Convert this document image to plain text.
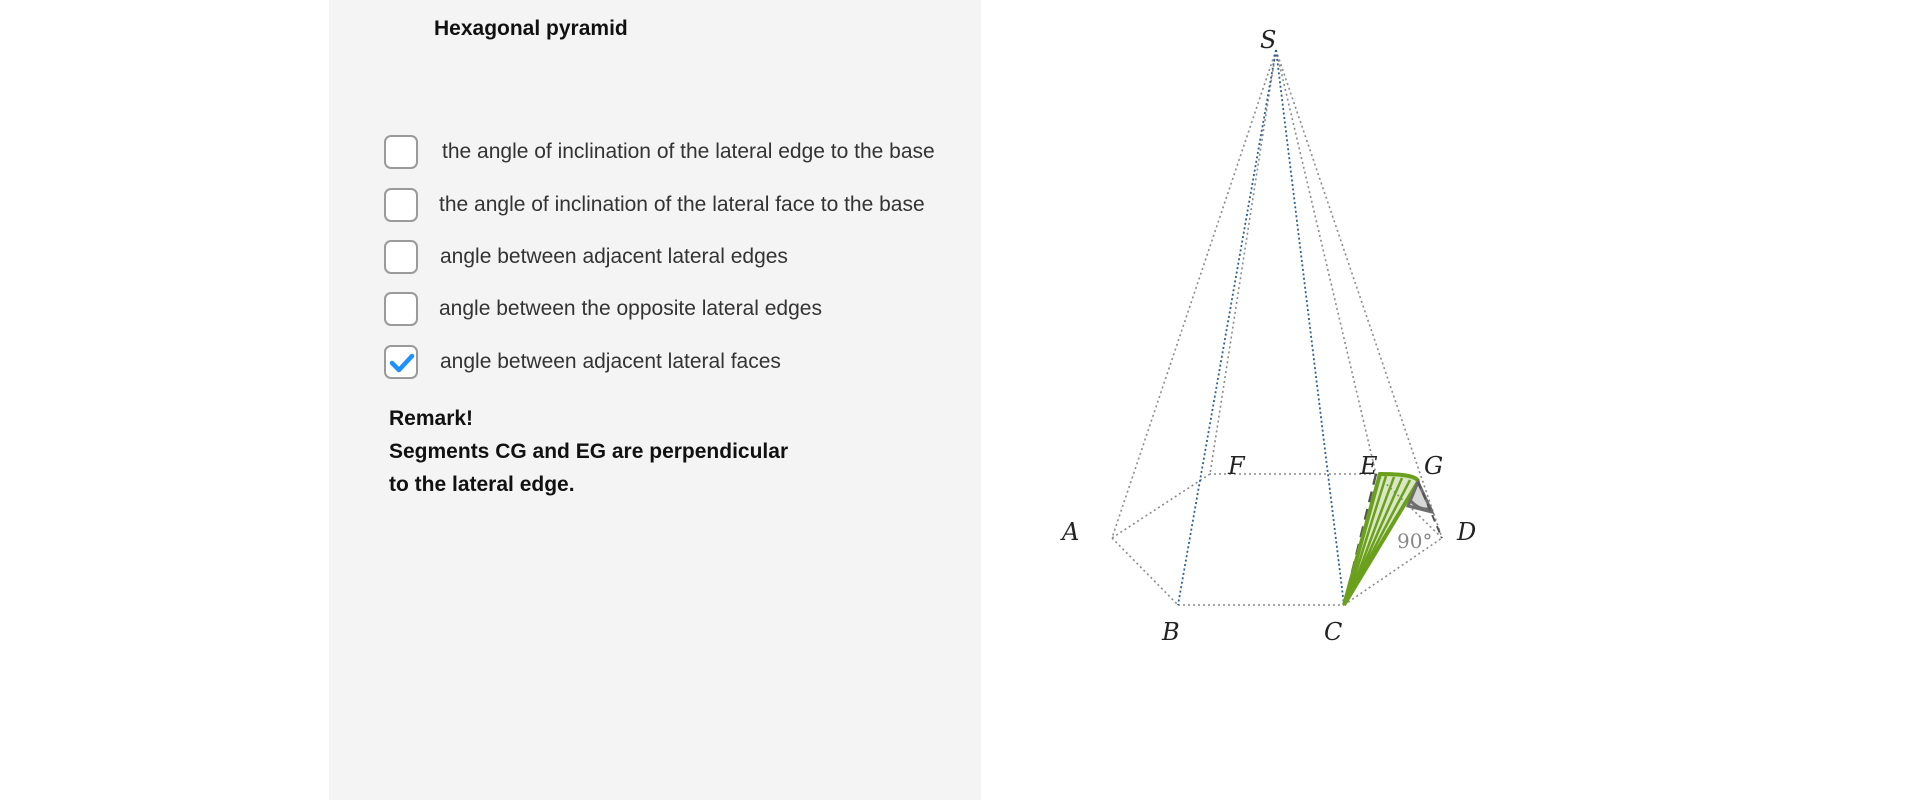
Hexagonal pyramid
the angle of inclination of the lateral edge to the base
the angle of inclination of the lateral face to the base
angle between adjacent lateral edges
angle between the opposite lateral edges
angle between adjacent lateral faces
Remark!
Segments CG and EG are perpendicular
to the lateral edge.
S
A
B	C
D
E
F	G
90°
